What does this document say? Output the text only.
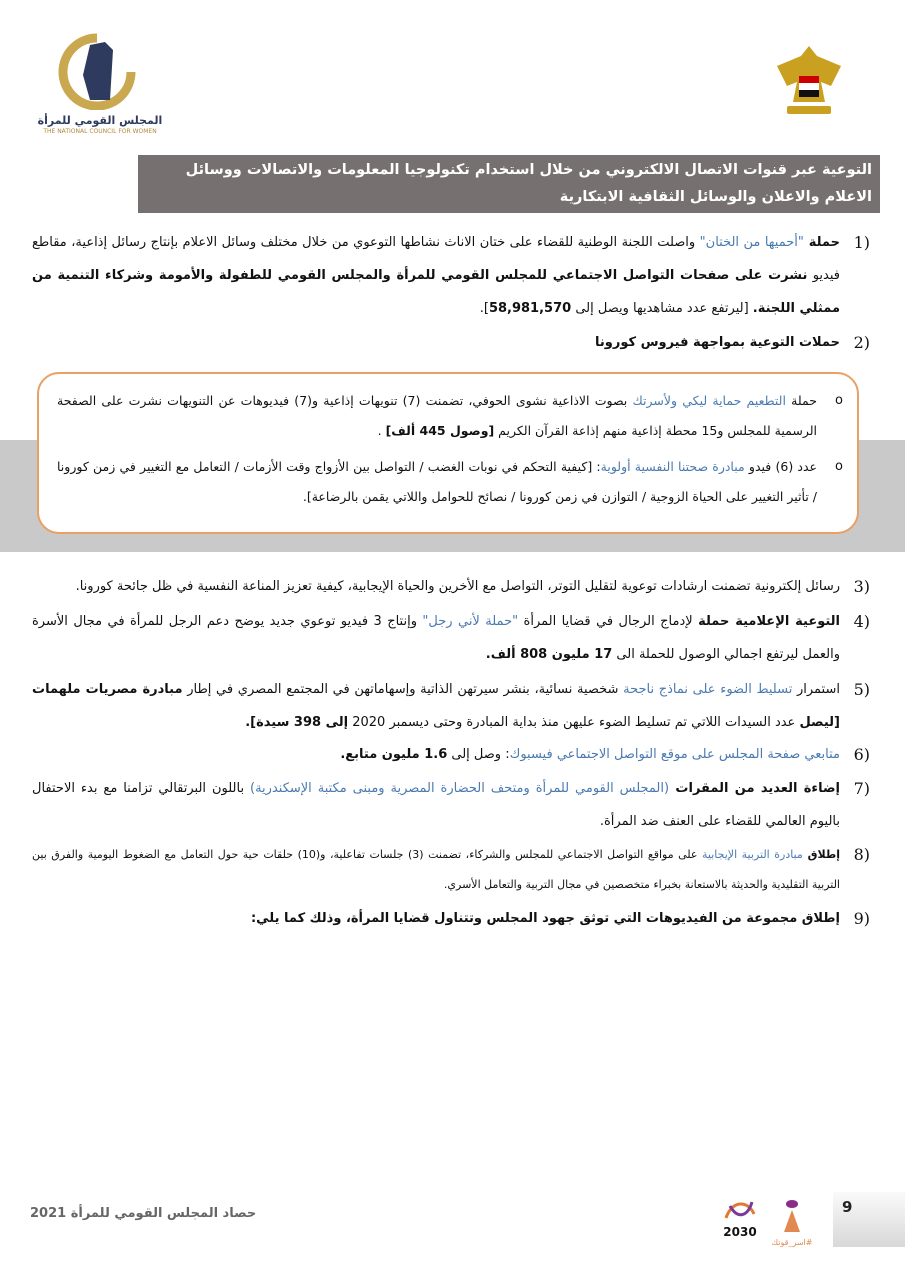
المجلس القومي للمرأة
THE NATIONAL COUNCIL FOR WOMEN
التوعية عبر قنوات الاتصال الالكتروني من خلال استخدام تكنولوجيا المعلومات والاتصالات ووسائل الاعلام والاعلان والوسائل الثقافية الابتكارية
1)
حملة "أحميها من الختان" واصلت اللجنة الوطنية للقضاء على ختان الاناث نشاطها التوعوي من خلال مختلف وسائل الاعلام بإنتاج رسائل إذاعية، مقاطع فيديو نشرت على صفحات التواصل الاجتماعي للمجلس القومي للمرأة والمجلس القومي للطفولة والأمومة وشركاء التنمية من ممثلي اللجنة. [ليرتفع عدد مشاهديها ويصل إلى 58,981,570].
2)
حملات التوعية بمواجهة فيروس كورونا
3)
رسائل إلكترونية تضمنت ارشادات توعوية لتقليل التوتر، التواصل مع الأخرين والحياة الإيجابية، كيفية تعزيز المناعة النفسية في ظل جائحة كورونا.
4)
التوعية الإعلامية حملة لإدماج الرجال في قضايا المرأة "حملة لأني رجل" وإنتاج 3 فيديو توعوي جديد يوضح دعم الرجل للمرأة في مجال الأسرة والعمل ليرتفع اجمالي الوصول للحملة الى 17 مليون 808 ألف.
5)
استمرار تسليط الضوء على نماذج ناجحة شخصية نسائية، بنشر سيرتهن الذاتية وإسهاماتهن في المجتمع المصري في إطار مبادرة مصريات ملهمات [ليصل عدد السيدات اللاتي تم تسليط الضوء عليهن منذ بداية المبادرة وحتى ديسمبر 2020 إلى 398 سيدة].
6)
متابعي صفحة المجلس على موقع التواصل الاجتماعي فيسبوك: وصل إلى 1.6 مليون متابع.
7)
إضاءة العديد من المقرات (المجلس القومي للمرأة ومتحف الحضارة المصرية ومبنى مكتبة الإسكندرية) باللون البرتقالي تزامنا مع بدء الاحتفال باليوم العالمي للقضاء على العنف ضد المرأة.
8)
إطلاق مبادرة التربية الإيجابية على مواقع التواصل الاجتماعي للمجلس والشركاء، تضمنت (3) جلسات تفاعلية، و(10) حلقات حية حول التعامل مع الضغوط اليومية والفرق بين التربية التقليدية والحديثة بالاستعانة بخبراء متخصصين في مجال التربية والتعامل الأسري.
9)
إطلاق مجموعة من الفيديوهات التي توثق جهود المجلس وتتناول قضايا المرأة، وذلك كما يلي:
o
حملة التطعيم حماية ليكي ولأسرتك بصوت الاذاعية نشوى الحوفي، تضمنت (7) تنويهات إذاعية و(7) فيديوهات عن التنويهات نشرت على الصفحة الرسمية للمجلس و15 محطة إذاعية منهم إذاعة القرآن الكريم [وصول 445 ألف] .
o
عدد (6) فيدو مبادرة صحتنا النفسية أولوية: [كيفية التحكم في نوبات الغضب / التواصل بين الأزواج وقت الأزمات / التعامل مع التغيير في زمن كورونا / تأثير التغيير على الحياة الزوجية / التوازن في زمن كورونا / نصائح للحوامل واللاتي يقمن بالرضاعة].
حصاد المجلس القومي للمرأة 2021
2030
#اسر_قوتك
9
